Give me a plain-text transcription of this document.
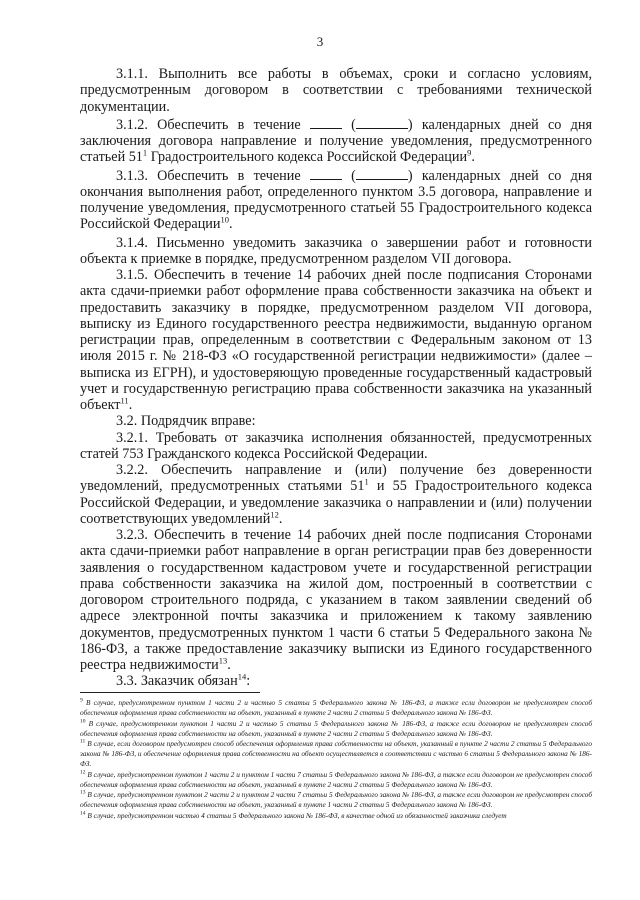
3

3.1.1. Выполнить все работы в объемах, сроки и согласно условиям, предусмотренным договором в соответствии с требованиями технической документации.

3.1.2. Обеспечить в течение  (	) календарных дней со дня заключения договора направление и получение уведомления, предусмотренного статьей $51^1$ Градостроительного кодекса Российской Федерации$^9$.

3.1.3. Обеспечить в течение  (	) календарных дней со дня окончания выполнения работ, определенного пунктом 3.5 договора, направление и получение уведомления, предусмотренного статьей 55 Градостроительного кодекса Российской Федерации$^{10}$.

3.1.4. Письменно уведомить заказчика о завершении работ и готовности объекта к приемке в порядке, предусмотренном разделом VII договора.

3.1.5. Обеспечить в течение 14 рабочих дней после подписания Сторонами акта сдачи-приемки работ оформление права собственности заказчика на объект и предоставить заказчику в порядке, предусмотренном разделом VII договора, выписку из Единого государственного реестра недвижимости, выданную органом регистрации прав, определенным в соответствии с Федеральным законом от 13 июля 2015 г. № 218-ФЗ «О государственной регистрации недвижимости» (далее – выписка из ЕГРН), и удостоверяющую проведенные государственный кадастровый учет и государственную регистрацию права собственности заказчика на указанный объект$^{11}$.

3.2. Подрядчик вправе:

3.2.1. Требовать от заказчика исполнения обязанностей, предусмотренных статей 753 Гражданского кодекса Российской Федерации.

3.2.2. Обеспечить направление и (или) получение без доверенности уведомлений, предусмотренных статьями $51^1$ и 55 Градостроительного кодекса Российской Федерации, и уведомление заказчика о направлении и (или) получении соответствующих уведомлений$^{12}$.

3.2.3. Обеспечить в течение 14 рабочих дней после подписания Сторонами акта сдачи-приемки работ направление в орган регистрации прав без доверенности заявления о государственном кадастровом учете и государственной регистрации права собственности заказчика на жилой дом, построенный в соответствии с договором строительного подряда, с указанием в таком заявлении сведений об адресе электронной почты заказчика и приложением к такому заявлению документов, предусмотренных пунктом 1 части 6 статьи 5 Федерального закона № 186-ФЗ, а также предоставление заказчику выписки из Единого государственного реестра недвижимости$^{13}$.

3.3. Заказчик обязан$^{14}$:

$^9$ В случае, предусмотренном пунктом 1 части 2 и частью 5 статьи 5 Федерального закона № 186-ФЗ, а также если договором не предусмотрен способ обеспечения оформления права собственности на объект, указанный в пункте 2 части 2 статьи 5 Федерального закона № 186-ФЗ.

$^{10}$ В случае, предусмотренном пунктом 1 части 2 и частью 5 статьи 5 Федерального закона № 186-ФЗ, а также если договором не предусмотрен способ обеспечения оформления права собственности на объект, указанный в пункте 2 части 2 статьи 5 Федерального закона № 186-ФЗ.

$^{11}$ В случае, если договором предусмотрен способ обеспечения оформления права собственности на объект, указанный в пункте 2 части 2 статьи 5 Федерального закона № 186-ФЗ, и обеспечение оформления права собственности на объект осуществляется в соответствии с частью 6 статьи 5 Федерального закона № 186-ФЗ.

$^{12}$ В случае, предусмотренном пунктом 1 части 2 и пунктом 1 части 7 статьи 5 Федерального закона № 186-ФЗ, а также если договором не предусмотрен способ обеспечения оформления права собственности на объект, указанный в пункте 2 части 2 статьи 5 Федерального закона № 186-ФЗ.

$^{13}$ В случае, предусмотренном пунктом 2 части 2 и пунктом 2 части 7 статьи 5 Федерального закона № 186-ФЗ, а также если договором не предусмотрен способ обеспечения оформления права собственности на объект, указанный в пункте 1 части 2 статьи 5 Федерального закона № 186-ФЗ.

$^{14}$ В случае, предусмотренном частью 4 статьи 5 Федерального закона № 186-ФЗ, в качестве одной из обязанностей заказчика следует
